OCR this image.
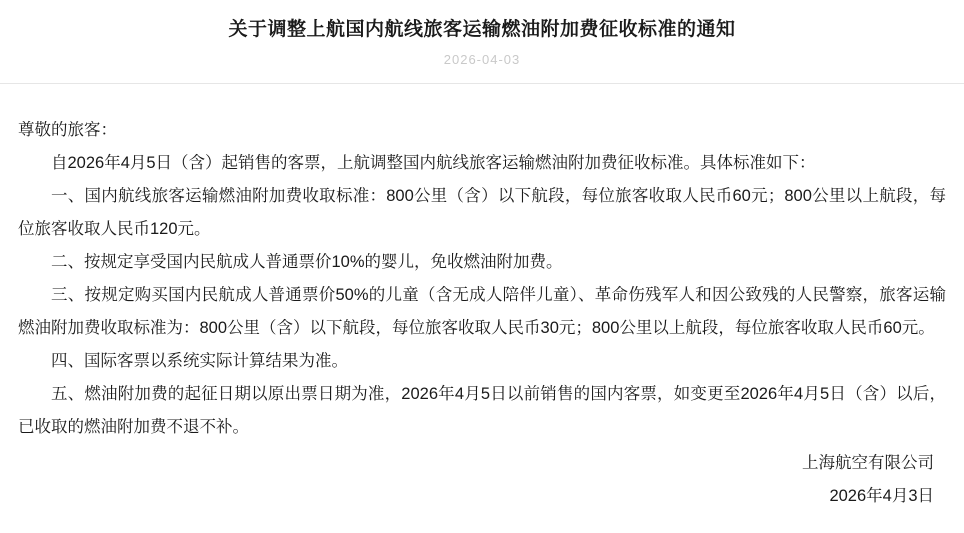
关于调整上航国内航线旅客运输燃油附加费征收标准的通知
2026-04-03

尊敬的旅客：

自2026年4月5日（含）起销售的客票，上航调整国内航线旅客运输燃油附加费征收标准。具体标准如下：

一、国内航线旅客运输燃油附加费收取标准：800公里（含）以下航段，每位旅客收取人民币60元；800公里以上航段，每位旅客收取人民币120元。

二、按规定享受国内民航成人普通票价10%的婴儿，免收燃油附加费。

三、按规定购买国内民航成人普通票价50%的儿童（含无成人陪伴儿童）、革命伤残军人和因公致残的人民警察，旅客运输燃油附加费收取标准为：800公里（含）以下航段，每位旅客收取人民币30元；800公里以上航段，每位旅客收取人民币60元。

四、国际客票以系统实际计算结果为准。

五、燃油附加费的起征日期以原出票日期为准，2026年4月5日以前销售的国内客票，如变更至2026年4月5日（含）以后，已收取的燃油附加费不退不补。

上海航空有限公司
2026年4月3日
